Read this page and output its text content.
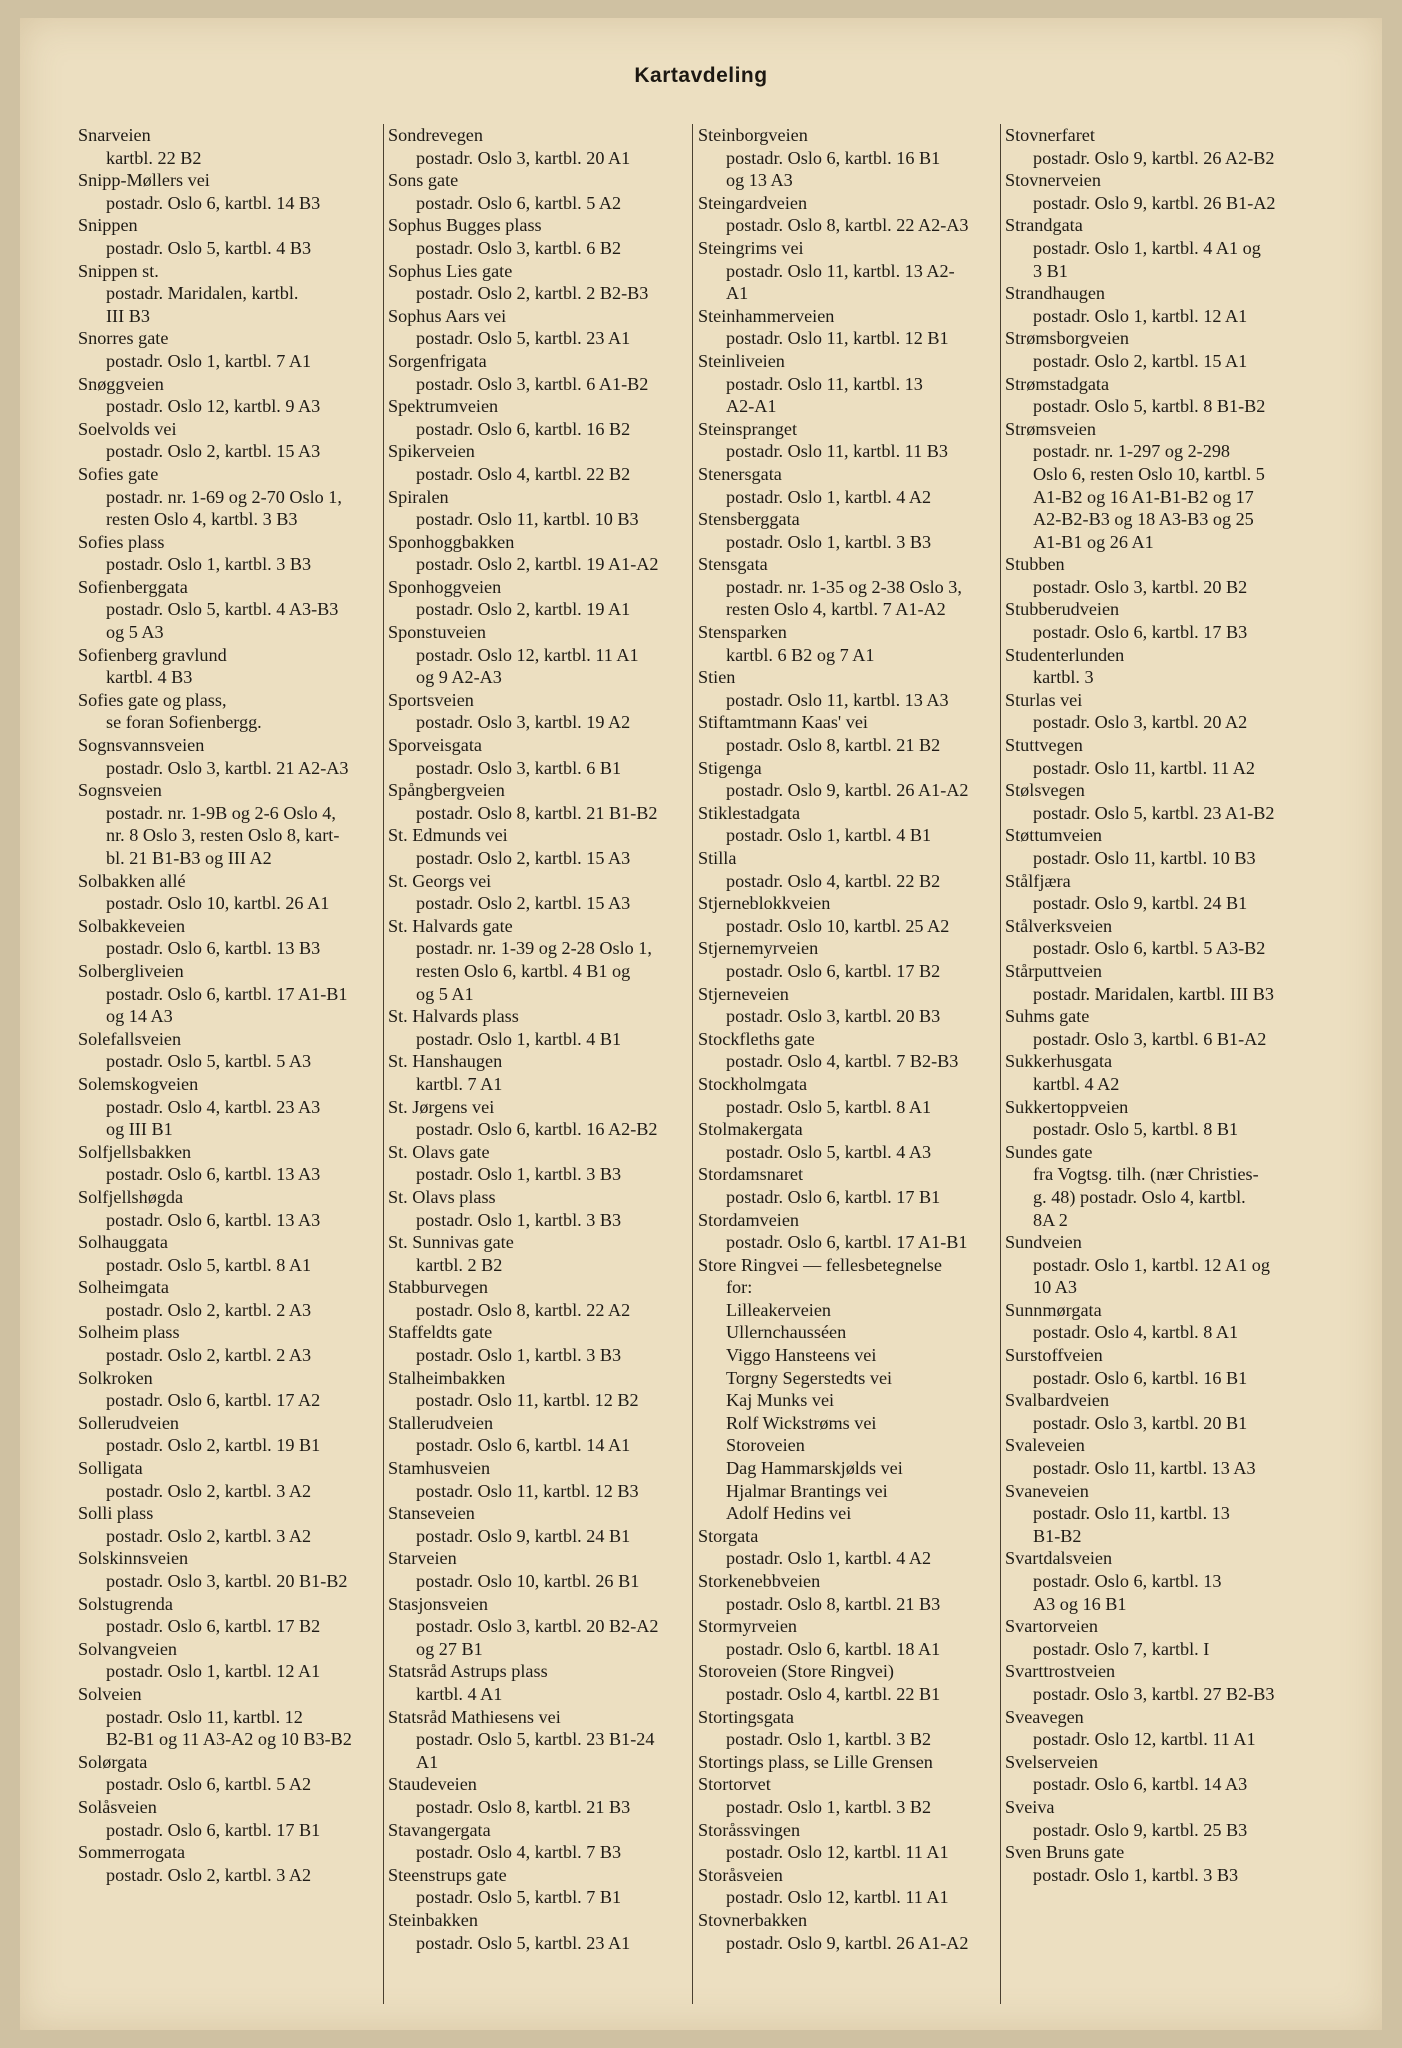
Kartavdeling
Snarveien
kartbl. 22 B2
Snipp-Møllers vei
postadr. Oslo 6, kartbl. 14 B3
Snippen
postadr. Oslo 5, kartbl. 4 B3
Snippen st.
postadr. Maridalen, kartbl.
III B3
Snorres gate
postadr. Oslo 1, kartbl. 7 A1
Snøggveien
postadr. Oslo 12, kartbl. 9 A3
Soelvolds vei
postadr. Oslo 2, kartbl. 15 A3
Sofies gate
postadr. nr. 1-69 og 2-70 Oslo 1,
resten Oslo 4, kartbl. 3 B3
Sofies plass
postadr. Oslo 1, kartbl. 3 B3
Sofienberggata
postadr. Oslo 5, kartbl. 4 A3-B3
og 5 A3
Sofienberg gravlund
kartbl. 4 B3
Sofies gate og plass,
se foran Sofienbergg.
Sognsvannsveien
postadr. Oslo 3, kartbl. 21 A2-A3
Sognsveien
postadr. nr. 1-9B og 2-6 Oslo 4,
nr. 8 Oslo 3, resten Oslo 8, kart-
bl. 21 B1-B3 og III A2
Solbakken allé
postadr. Oslo 10, kartbl. 26 A1
Solbakkeveien
postadr. Oslo 6, kartbl. 13 B3
Solbergliveien
postadr. Oslo 6, kartbl. 17 A1-B1
og 14 A3
Solefallsveien
postadr. Oslo 5, kartbl. 5 A3
Solemskogveien
postadr. Oslo 4, kartbl. 23 A3
og III B1
Solfjellsbakken
postadr. Oslo 6, kartbl. 13 A3
Solfjellshøgda
postadr. Oslo 6, kartbl. 13 A3
Solhauggata
postadr. Oslo 5, kartbl. 8 A1
Solheimgata
postadr. Oslo 2, kartbl. 2 A3
Solheim plass
postadr. Oslo 2, kartbl. 2 A3
Solkroken
postadr. Oslo 6, kartbl. 17 A2
Sollerudveien
postadr. Oslo 2, kartbl. 19 B1
Solligata
postadr. Oslo 2, kartbl. 3 A2
Solli plass
postadr. Oslo 2, kartbl. 3 A2
Solskinnsveien
postadr. Oslo 3, kartbl. 20 B1-B2
Solstugrenda
postadr. Oslo 6, kartbl. 17 B2
Solvangveien
postadr. Oslo 1, kartbl. 12 A1
Solveien
postadr. Oslo 11, kartbl. 12
B2-B1 og 11 A3-A2 og 10 B3-B2
Solørgata
postadr. Oslo 6, kartbl. 5 A2
Solåsveien
postadr. Oslo 6, kartbl. 17 B1
Sommerrogata
postadr. Oslo 2, kartbl. 3 A2
Sondrevegen
postadr. Oslo 3, kartbl. 20 A1
Sons gate
postadr. Oslo 6, kartbl. 5 A2
Sophus Bugges plass
postadr. Oslo 3, kartbl. 6 B2
Sophus Lies gate
postadr. Oslo 2, kartbl. 2 B2-B3
Sophus Aars vei
postadr. Oslo 5, kartbl. 23 A1
Sorgenfrigata
postadr. Oslo 3, kartbl. 6 A1-B2
Spektrumveien
postadr. Oslo 6, kartbl. 16 B2
Spikerveien
postadr. Oslo 4, kartbl. 22 B2
Spiralen
postadr. Oslo 11, kartbl. 10 B3
Sponhoggbakken
postadr. Oslo 2, kartbl. 19 A1-A2
Sponhoggveien
postadr. Oslo 2, kartbl. 19 A1
Sponstuveien
postadr. Oslo 12, kartbl. 11 A1
og 9 A2-A3
Sportsveien
postadr. Oslo 3, kartbl. 19 A2
Sporveisgata
postadr. Oslo 3, kartbl. 6 B1
Spångbergveien
postadr. Oslo 8, kartbl. 21 B1-B2
St. Edmunds vei
postadr. Oslo 2, kartbl. 15 A3
St. Georgs vei
postadr. Oslo 2, kartbl. 15 A3
St. Halvards gate
postadr. nr. 1-39 og 2-28 Oslo 1,
resten Oslo 6, kartbl. 4 B1 og
og 5 A1
St. Halvards plass
postadr. Oslo 1, kartbl. 4 B1
St. Hanshaugen
kartbl. 7 A1
St. Jørgens vei
postadr. Oslo 6, kartbl. 16 A2-B2
St. Olavs gate
postadr. Oslo 1, kartbl. 3 B3
St. Olavs plass
postadr. Oslo 1, kartbl. 3 B3
St. Sunnivas gate
kartbl. 2 B2
Stabburvegen
postadr. Oslo 8, kartbl. 22 A2
Staffeldts gate
postadr. Oslo 1, kartbl. 3 B3
Stalheimbakken
postadr. Oslo 11, kartbl. 12 B2
Stallerudveien
postadr. Oslo 6, kartbl. 14 A1
Stamhusveien
postadr. Oslo 11, kartbl. 12 B3
Stanseveien
postadr. Oslo 9, kartbl. 24 B1
Starveien
postadr. Oslo 10, kartbl. 26 B1
Stasjonsveien
postadr. Oslo 3, kartbl. 20 B2-A2
og 27 B1
Statsråd Astrups plass
kartbl. 4 A1
Statsråd Mathiesens vei
postadr. Oslo 5, kartbl. 23 B1-24
A1
Staudeveien
postadr. Oslo 8, kartbl. 21 B3
Stavangergata
postadr. Oslo 4, kartbl. 7 B3
Steenstrups gate
postadr. Oslo 5, kartbl. 7 B1
Steinbakken
postadr. Oslo 5, kartbl. 23 A1
Steinborgveien
postadr. Oslo 6, kartbl. 16 B1
og 13 A3
Steingardveien
postadr. Oslo 8, kartbl. 22 A2-A3
Steingrims vei
postadr. Oslo 11, kartbl. 13 A2-
A1
Steinhammerveien
postadr. Oslo 11, kartbl. 12 B1
Steinliveien
postadr. Oslo 11, kartbl. 13
A2-A1
Steinspranget
postadr. Oslo 11, kartbl. 11 B3
Stenersgata
postadr. Oslo 1, kartbl. 4 A2
Stensberggata
postadr. Oslo 1, kartbl. 3 B3
Stensgata
postadr. nr. 1-35 og 2-38 Oslo 3,
resten Oslo 4, kartbl. 7 A1-A2
Stensparken
kartbl. 6 B2 og 7 A1
Stien
postadr. Oslo 11, kartbl. 13 A3
Stiftamtmann Kaas' vei
postadr. Oslo 8, kartbl. 21 B2
Stigenga
postadr. Oslo 9, kartbl. 26 A1-A2
Stiklestadgata
postadr. Oslo 1, kartbl. 4 B1
Stilla
postadr. Oslo 4, kartbl. 22 B2
Stjerneblokkveien
postadr. Oslo 10, kartbl. 25 A2
Stjernemyrveien
postadr. Oslo 6, kartbl. 17 B2
Stjerneveien
postadr. Oslo 3, kartbl. 20 B3
Stockfleths gate
postadr. Oslo 4, kartbl. 7 B2-B3
Stockholmgata
postadr. Oslo 5, kartbl. 8 A1
Stolmakergata
postadr. Oslo 5, kartbl. 4 A3
Stordamsnaret
postadr. Oslo 6, kartbl. 17 B1
Stordamveien
postadr. Oslo 6, kartbl. 17 A1-B1
Store Ringvei — fellesbetegnelse
for:
Lilleakerveien
Ullernchausséen
Viggo Hansteens vei
Torgny Segerstedts vei
Kaj Munks vei
Rolf Wickstrøms vei
Storoveien
Dag Hammarskjølds vei
Hjalmar Brantings vei
Adolf Hedins vei
Storgata
postadr. Oslo 1, kartbl. 4 A2
Storkenebbveien
postadr. Oslo 8, kartbl. 21 B3
Stormyrveien
postadr. Oslo 6, kartbl. 18 A1
Storoveien (Store Ringvei)
postadr. Oslo 4, kartbl. 22 B1
Stortingsgata
postadr. Oslo 1, kartbl. 3 B2
Stortings plass, se Lille Grensen
Stortorvet
postadr. Oslo 1, kartbl. 3 B2
Storåssvingen
postadr. Oslo 12, kartbl. 11 A1
Storåsveien
postadr. Oslo 12, kartbl. 11 A1
Stovnerbakken
postadr. Oslo 9, kartbl. 26 A1-A2
Stovnerfaret
postadr. Oslo 9, kartbl. 26 A2-B2
Stovnerveien
postadr. Oslo 9, kartbl. 26 B1-A2
Strandgata
postadr. Oslo 1, kartbl. 4 A1 og
3 B1
Strandhaugen
postadr. Oslo 1, kartbl. 12 A1
Strømsborgveien
postadr. Oslo 2, kartbl. 15 A1
Strømstadgata
postadr. Oslo 5, kartbl. 8 B1-B2
Strømsveien
postadr. nr. 1-297 og 2-298
Oslo 6, resten Oslo 10, kartbl. 5
A1-B2 og 16 A1-B1-B2 og 17
A2-B2-B3 og 18 A3-B3 og 25
A1-B1 og 26 A1
Stubben
postadr. Oslo 3, kartbl. 20 B2
Stubberudveien
postadr. Oslo 6, kartbl. 17 B3
Studenterlunden
kartbl. 3
Sturlas vei
postadr. Oslo 3, kartbl. 20 A2
Stuttvegen
postadr. Oslo 11, kartbl. 11 A2
Stølsvegen
postadr. Oslo 5, kartbl. 23 A1-B2
Støttumveien
postadr. Oslo 11, kartbl. 10 B3
Stålfjæra
postadr. Oslo 9, kartbl. 24 B1
Stålverksveien
postadr. Oslo 6, kartbl. 5 A3-B2
Stårputtveien
postadr. Maridalen, kartbl. III B3
Suhms gate
postadr. Oslo 3, kartbl. 6 B1-A2
Sukkerhusgata
kartbl. 4 A2
Sukkertoppveien
postadr. Oslo 5, kartbl. 8 B1
Sundes gate
fra Vogtsg. tilh. (nær Christies-
g. 48) postadr. Oslo 4, kartbl.
8A 2
Sundveien
postadr. Oslo 1, kartbl. 12 A1 og
10 A3
Sunnmørgata
postadr. Oslo 4, kartbl. 8 A1
Surstoffveien
postadr. Oslo 6, kartbl. 16 B1
Svalbardveien
postadr. Oslo 3, kartbl. 20 B1
Svaleveien
postadr. Oslo 11, kartbl. 13 A3
Svaneveien
postadr. Oslo 11, kartbl. 13
B1-B2
Svartdalsveien
postadr. Oslo 6, kartbl. 13
A3 og 16 B1
Svartorveien
postadr. Oslo 7, kartbl. I
Svarttrostveien
postadr. Oslo 3, kartbl. 27 B2-B3
Sveavegen
postadr. Oslo 12, kartbl. 11 A1
Svelserveien
postadr. Oslo 6, kartbl. 14 A3
Sveiva
postadr. Oslo 9, kartbl. 25 B3
Sven Bruns gate
postadr. Oslo 1, kartbl. 3 B3
